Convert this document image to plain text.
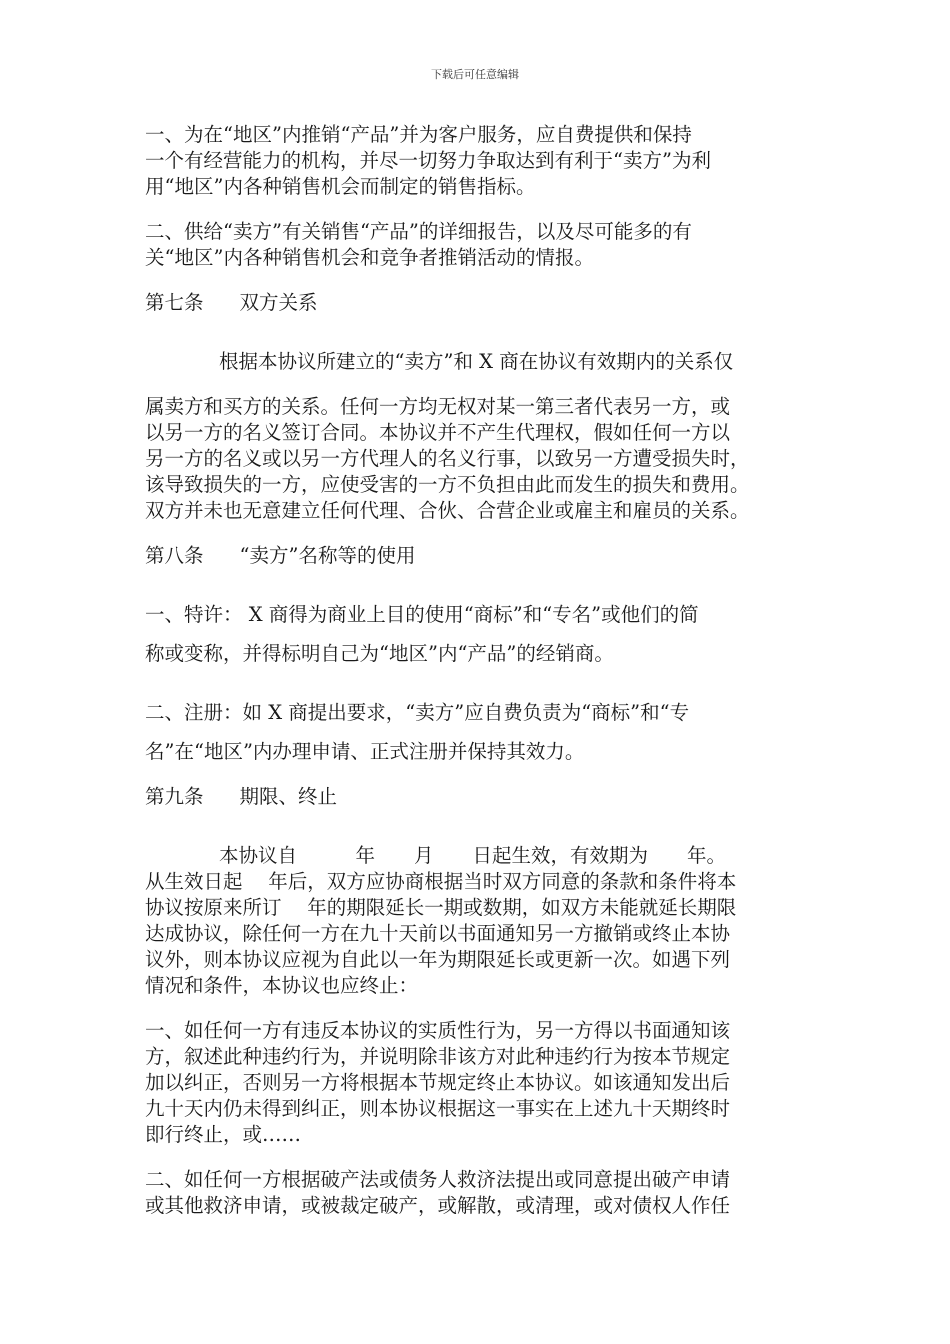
下载后可任意编辑
一、为在“地区”内推销“产品”并为客户服务，应自费提供和保持
一个有经营能力的机构，并尽一切努力争取达到有利于“卖方”为利
用“地区”内各种销售机会而制定的销售指标。
二、供给“卖方”有关销售“产品”的详细报告，以及尽可能多的有
关“地区”内各种销售机会和竞争者推销活动的情报。
第七条 双方关系
根据本协议所建立的“卖方”和 X 商在协议有效期内的关系仅
属卖方和买方的关系。任何一方均无权对某一第三者代表另一方，或
以另一方的名义签订合同。本协议并不产生代理权，假如任何一方以
另一方的名义或以另一方代理人的名义行事，以致另一方遭受损失时，
该导致损失的一方，应使受害的一方不负担由此而发生的损失和费用。
双方并未也无意建立任何代理、合伙、合营企业或雇主和雇员的关系。
第八条 “卖方”名称等的使用
一、特许： X 商得为商业上目的使用“商标”和“专名”或他们的简
称或变称，并得标明自己为“地区”内“产品”的经销商。
二、注册：如 X 商提出要求，“卖方”应自费负责为“商标”和“专
名”在“地区”内办理申请、正式注册并保持其效力。
第九条 期限、终止
本协议自　　　年　　月　　日起生效，有效期为　　年。
从生效日起　 年后，双方应协商根据当时双方同意的条款和条件将本
协议按原来所订　 年的期限延长一期或数期，如双方未能就延长期限
达成协议，除任何一方在九十天前以书面通知另一方撤销或终止本协
议外，则本协议应视为自此以一年为期限延长或更新一次。如遇下列
情况和条件，本协议也应终止：
一、如任何一方有违反本协议的实质性行为，另一方得以书面通知该
方，叙述此种违约行为，并说明除非该方对此种违约行为按本节规定
加以纠正，否则另一方将根据本节规定终止本协议。如该通知发出后
九十天内仍未得到纠正，则本协议根据这一事实在上述九十天期终时
即行终止，或……
二、如任何一方根据破产法或债务人救济法提出或同意提出破产申请
或其他救济申请，或被裁定破产，或解散，或清理，或对债权人作任
